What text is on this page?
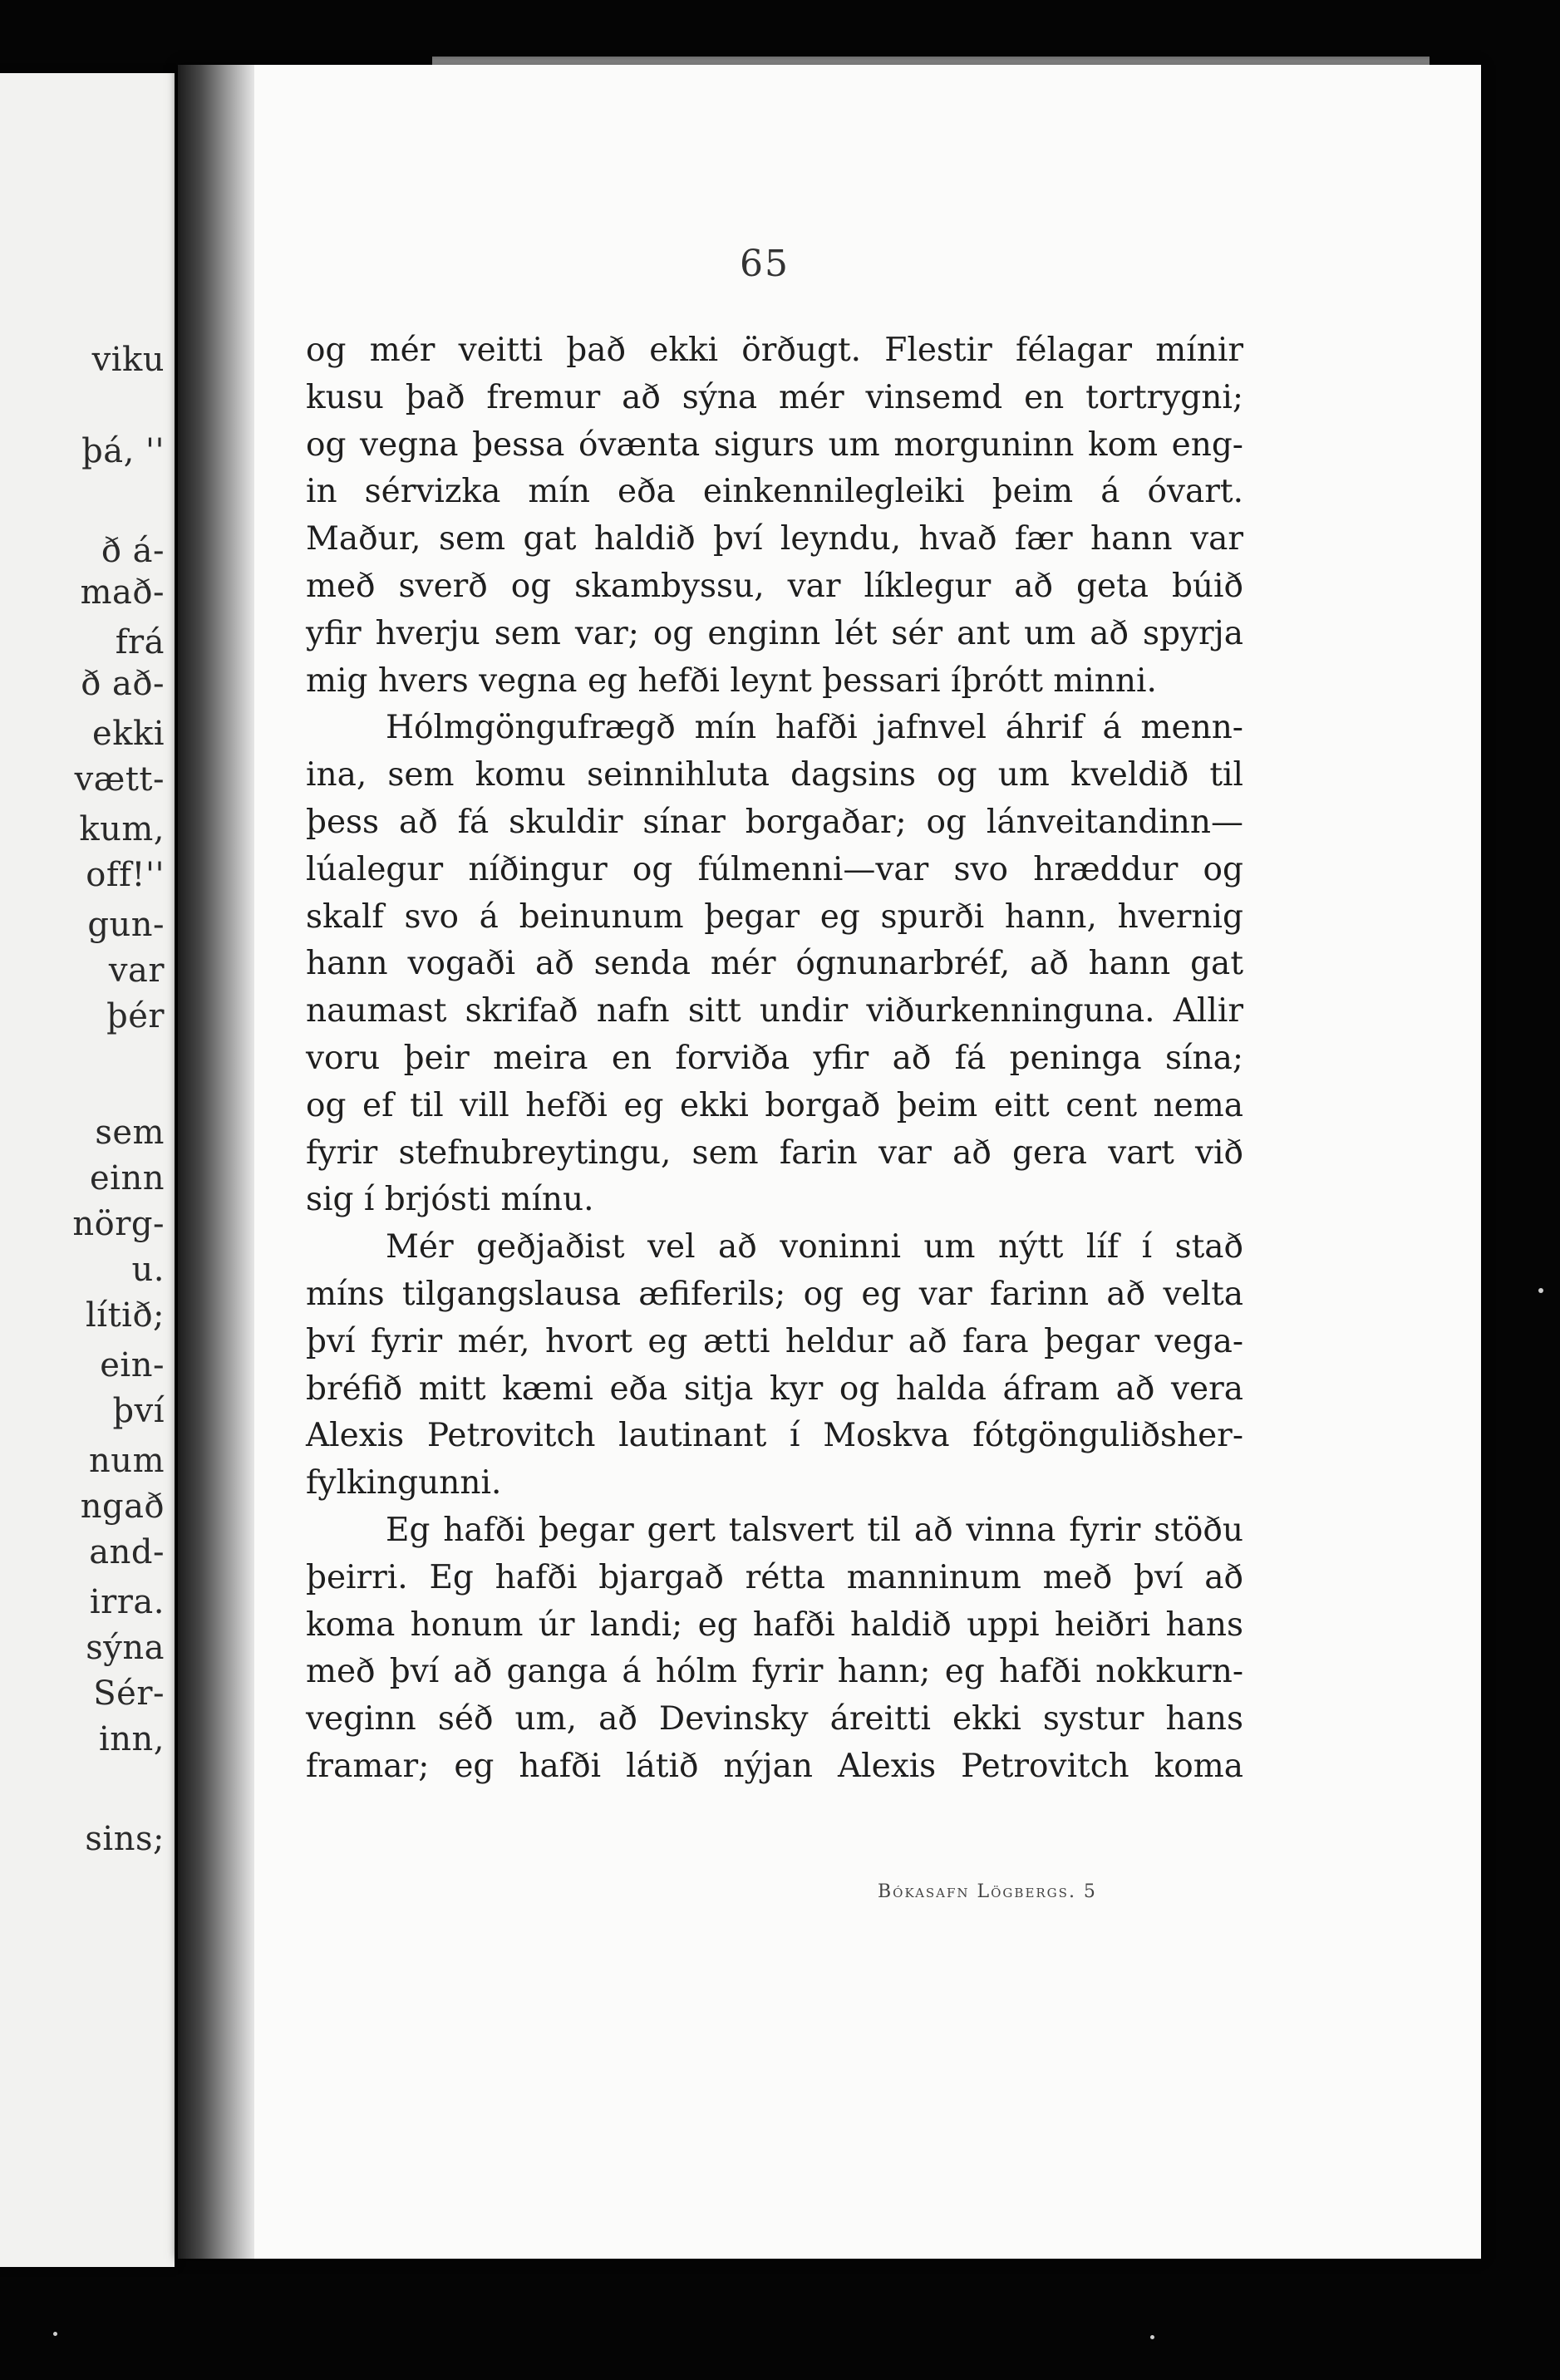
viku
þá, ''
ð á-
mað-
frá
ð að-
ekki
vætt-
kum,
off!''
gun-
var
þér
sem
einn
nörg-
u.
lítið;
ein-
því
num
ngað
and-
irra.
sýna
Sér-
inn,
sins;
65
og mér veitti það ekki örðugt. Flestir félagar mínir
kusu það fremur að sýna mér vinsemd en tortrygni;
og vegna þessa óvænta sigurs um morguninn kom eng-
in sérvizka mín eða einkennilegleiki þeim á óvart.
Maður, sem gat haldið því leyndu, hvað fær hann var
með sverð og skambyssu, var líklegur að geta búið
yfir hverju sem var; og enginn lét sér ant um að spyrja
mig hvers vegna eg hefði leynt þessari íþrótt minni.
Hólmgöngufrægð mín hafði jafnvel áhrif á menn-
ina, sem komu seinnihluta dagsins og um kveldið til
þess að fá skuldir sínar borgaðar; og lánveitandinn—
lúalegur níðingur og fúlmenni—var svo hræddur og
skalf svo á beinunum þegar eg spurði hann, hvernig
hann vogaði að senda mér ógnunarbréf, að hann gat
naumast skrifað nafn sitt undir viðurkenninguna. Allir
voru þeir meira en forviða yfir að fá peninga sína;
og ef til vill hefði eg ekki borgað þeim eitt cent nema
fyrir stefnubreytingu, sem farin var að gera vart við
sig í brjósti mínu.
Mér geðjaðist vel að voninni um nýtt líf í stað
míns tilgangslausa æfiferils; og eg var farinn að velta
því fyrir mér, hvort eg ætti heldur að fara þegar vega-
bréfið mitt kæmi eða sitja kyr og halda áfram að vera
Alexis Petrovitch lautinant í Moskva fótgönguliðsher-
fylkingunni.
Eg hafði þegar gert talsvert til að vinna fyrir stöðu
þeirri. Eg hafði bjargað rétta manninum með því að
koma honum úr landi; eg hafði haldið uppi heiðri hans
með því að ganga á hólm fyrir hann; eg hafði nokkurn-
veginn séð um, að Devinsky áreitti ekki systur hans
framar; eg hafði látið nýjan Alexis Petrovitch koma
Bókasafn Lögbergs. 5
